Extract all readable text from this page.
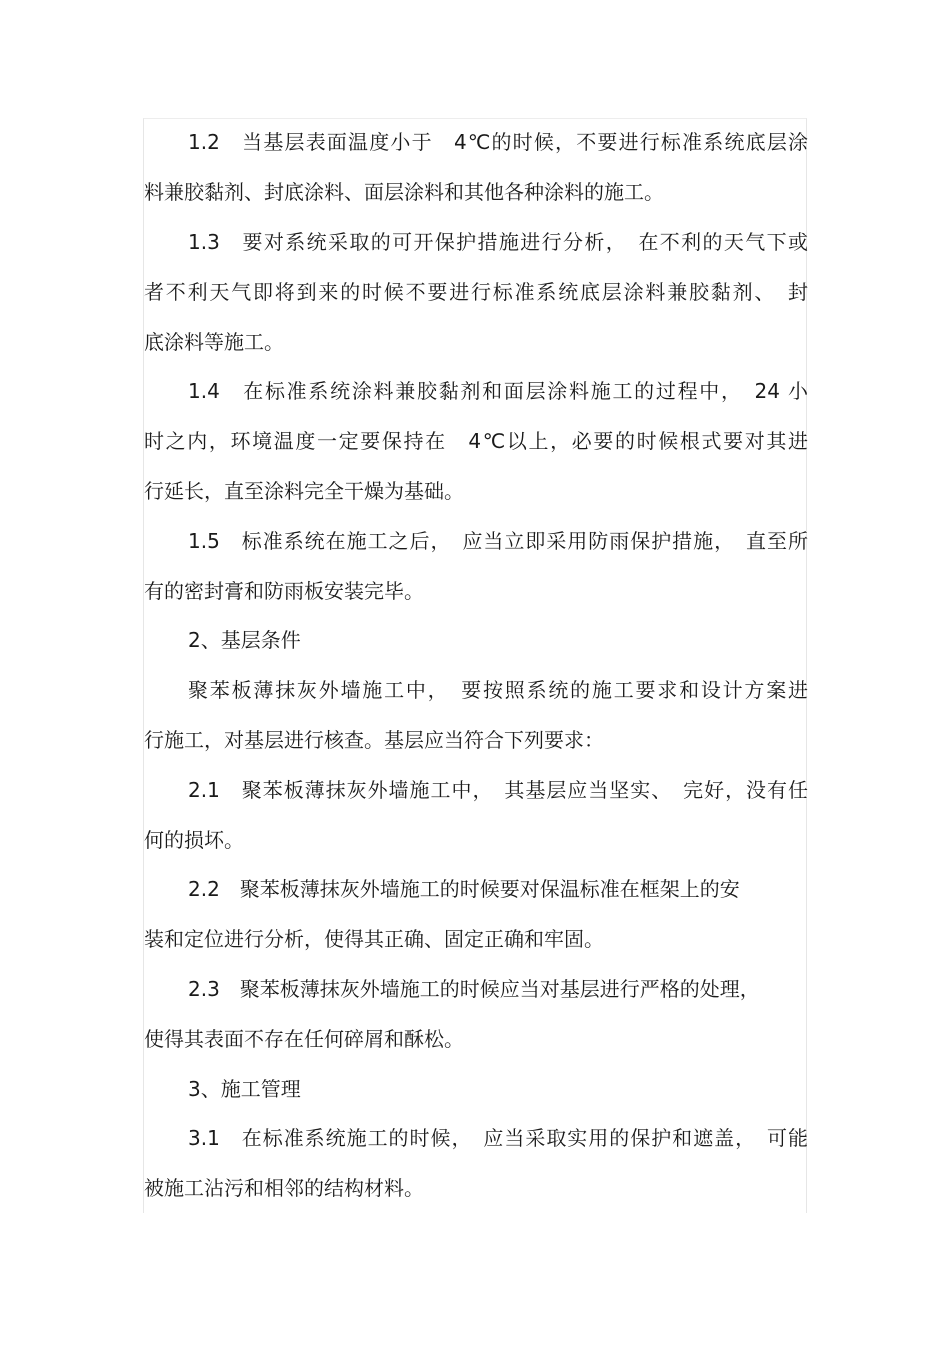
1.2　当基层表面温度小于　4℃的时候，不要进行标准系统底层涂
料兼胶黏剂、封底涂料、面层涂料和其他各种涂料的施工。
1.3　要对系统采取的可开保护措施进行分析，　在不利的天气下或
者不利天气即将到来的时候不要进行标准系统底层涂料兼胶黏剂、　封
底涂料等施工。
1.4　在标准系统涂料兼胶黏剂和面层涂料施工的过程中，　24 小
时之内，环境温度一定要保持在　4℃以上，必要的时候根式要对其进
行延长，直至涂料完全干燥为基础。
1.5　标准系统在施工之后，　应当立即采用防雨保护措施，　直至所
有的密封膏和防雨板安装完毕。
2、基层条件
聚苯板薄抹灰外墙施工中，　要按照系统的施工要求和设计方案进
行施工，对基层进行核查。基层应当符合下列要求：
2.1　聚苯板薄抹灰外墙施工中，　其基层应当坚实、　完好，没有任
何的损坏。
2.2　聚苯板薄抹灰外墙施工的时候要对保温标准在框架上的安
装和定位进行分析，使得其正确、固定正确和牢固。
2.3　聚苯板薄抹灰外墙施工的时候应当对基层进行严格的处理，
使得其表面不存在任何碎屑和酥松。
3、施工管理
3.1　在标准系统施工的时候，　应当采取实用的保护和遮盖，　可能
被施工沾污和相邻的结构材料。
